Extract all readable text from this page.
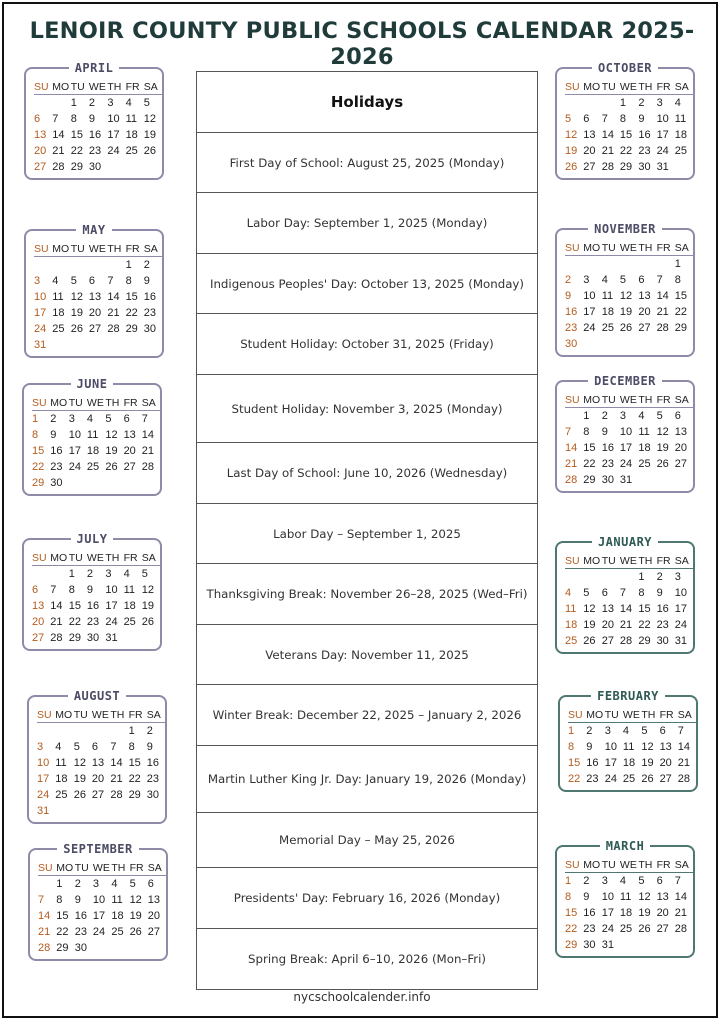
LENOIR COUNTY PUBLIC SCHOOLS CALENDAR 2025-2026
APRIL
SU	MO	TU	WE	TH	FR	SA
		1	2	3	4	5
6	7	8	9	10	11	12
13	14	15	16	17	18	19
20	21	22	23	24	25	26
27	28	29	30			
MAY
SU	MO	TU	WE	TH	FR	SA
					1	2
3	4	5	6	7	8	9
10	11	12	13	14	15	16
17	18	19	20	21	22	23
24	25	26	27	28	29	30
31						
JUNE
SU	MO	TU	WE	TH	FR	SA
1	2	3	4	5	6	7
8	9	10	11	12	13	14
15	16	17	18	19	20	21
22	23	24	25	26	27	28
29	30					
JULY
SU	MO	TU	WE	TH	FR	SA
		1	2	3	4	5
6	7	8	9	10	11	12
13	14	15	16	17	18	19
20	21	22	23	24	25	26
27	28	29	30	31		
AUGUST
SU	MO	TU	WE	TH	FR	SA
					1	2
3	4	5	6	7	8	9
10	11	12	13	14	15	16
17	18	19	20	21	22	23
24	25	26	27	28	29	30
31						
SEPTEMBER
SU	MO	TU	WE	TH	FR	SA
	1	2	3	4	5	6
7	8	9	10	11	12	13
14	15	16	17	18	19	20
21	22	23	24	25	26	27
28	29	30				
OCTOBER
SU	MO	TU	WE	TH	FR	SA
			1	2	3	4
5	6	7	8	9	10	11
12	13	14	15	16	17	18
19	20	21	22	23	24	25
26	27	28	29	30	31	
NOVEMBER
SU	MO	TU	WE	TH	FR	SA
						1
2	3	4	5	6	7	8
9	10	11	12	13	14	15
16	17	18	19	20	21	22
23	24	25	26	27	28	29
30						
DECEMBER
SU	MO	TU	WE	TH	FR	SA
	1	2	3	4	5	6
7	8	9	10	11	12	13
14	15	16	17	18	19	20
21	22	23	24	25	26	27
28	29	30	31			
JANUARY
SU	MO	TU	WE	TH	FR	SA
				1	2	3
4	5	6	7	8	9	10
11	12	13	14	15	16	17
18	19	20	21	22	23	24
25	26	27	28	29	30	31
FEBRUARY
SU	MO	TU	WE	TH	FR	SA
1	2	3	4	5	6	7
8	9	10	11	12	13	14
15	16	17	18	19	20	21
22	23	24	25	26	27	28
MARCH
SU	MO	TU	WE	TH	FR	SA
1	2	3	4	5	6	7
8	9	10	11	12	13	14
15	16	17	18	19	20	21
22	23	24	25	26	27	28
29	30	31				
Holidays
First Day of School: August 25, 2025 (Monday)
Labor Day: September 1, 2025 (Monday)
Indigenous Peoples' Day: October 13, 2025 (Monday)
Student Holiday: October 31, 2025 (Friday)
Student Holiday: November 3, 2025 (Monday)
Last Day of School: June 10, 2026 (Wednesday)
Labor Day – September 1, 2025
Thanksgiving Break: November 26–28, 2025 (Wed–Fri)
Veterans Day: November 11, 2025
Winter Break: December 22, 2025 – January 2, 2026
Martin Luther King Jr. Day: January 19, 2026 (Monday)
Memorial Day – May 25, 2026
Presidents' Day: February 16, 2026 (Monday)
Spring Break: April 6–10, 2026 (Mon–Fri)
nycschoolcalender.info
